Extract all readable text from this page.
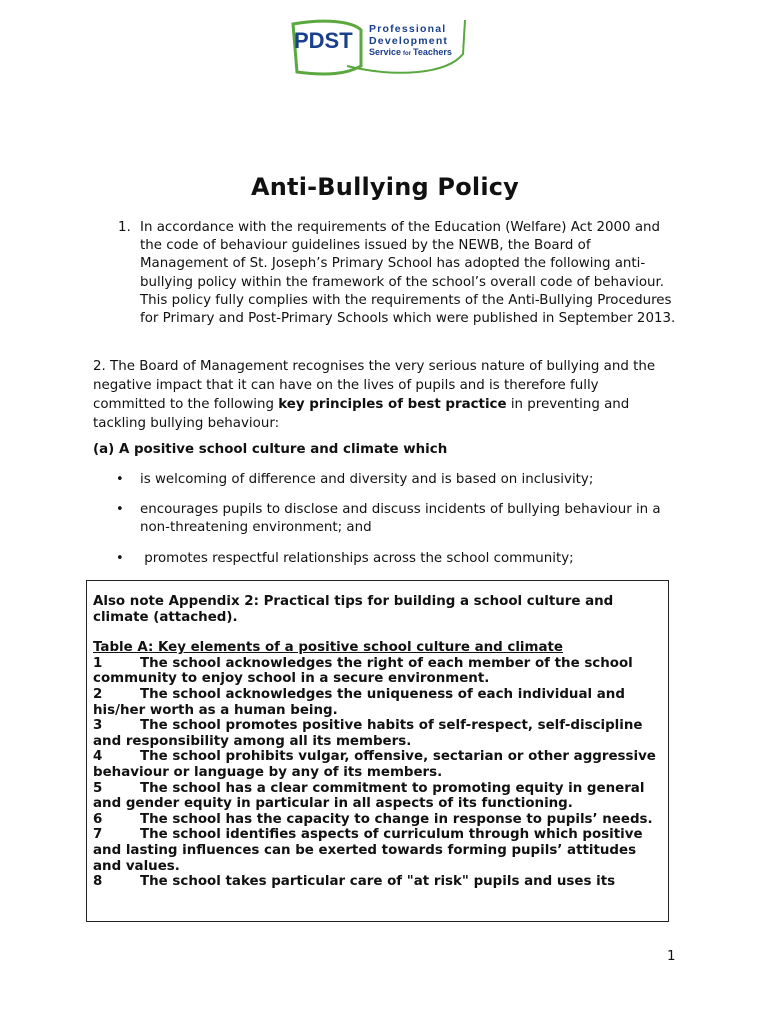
PDST Professional
Development
Service for Teachers
Anti-Bullying Policy
1. In accordance with the requirements of the Education (Welfare) Act 2000 and the code of behaviour guidelines issued by the NEWB, the Board of Management of St. Joseph’s Primary School has adopted the following anti-bullying policy within the framework of the school’s overall code of behaviour. This policy fully complies with the requirements of the Anti-Bullying Procedures for Primary and Post-Primary Schools which were published in September 2013.
2. The Board of Management recognises the very serious nature of bullying and the negative impact that it can have on the lives of pupils and is therefore fully committed to the following key principles of best practice in preventing and tackling bullying behaviour:
(a) A positive school culture and climate which
• is welcoming of difference and diversity and is based on inclusivity;
• encourages pupils to disclose and discuss incidents of bullying behaviour in a non-threatening environment; and
• promotes respectful relationships across the school community;
Also note Appendix 2: Practical tips for building a school culture and climate (attached).
Table A: Key elements of a positive school culture and climate
1	The school acknowledges the right of each member of the school community to enjoy school in a secure environment.
2	The school acknowledges the uniqueness of each individual and his/her worth as a human being.
3	The school promotes positive habits of self-respect, self-discipline and responsibility among all its members.
4	The school prohibits vulgar, offensive, sectarian or other aggressive behaviour or language by any of its members.
5	The school has a clear commitment to promoting equity in general and gender equity in particular in all aspects of its functioning.
6	The school has the capacity to change in response to pupils’ needs.
7	The school identifies aspects of curriculum through which positive and lasting influences can be exerted towards forming pupils’ attitudes and values.
8	The school takes particular care of "at risk" pupils and uses its
1
